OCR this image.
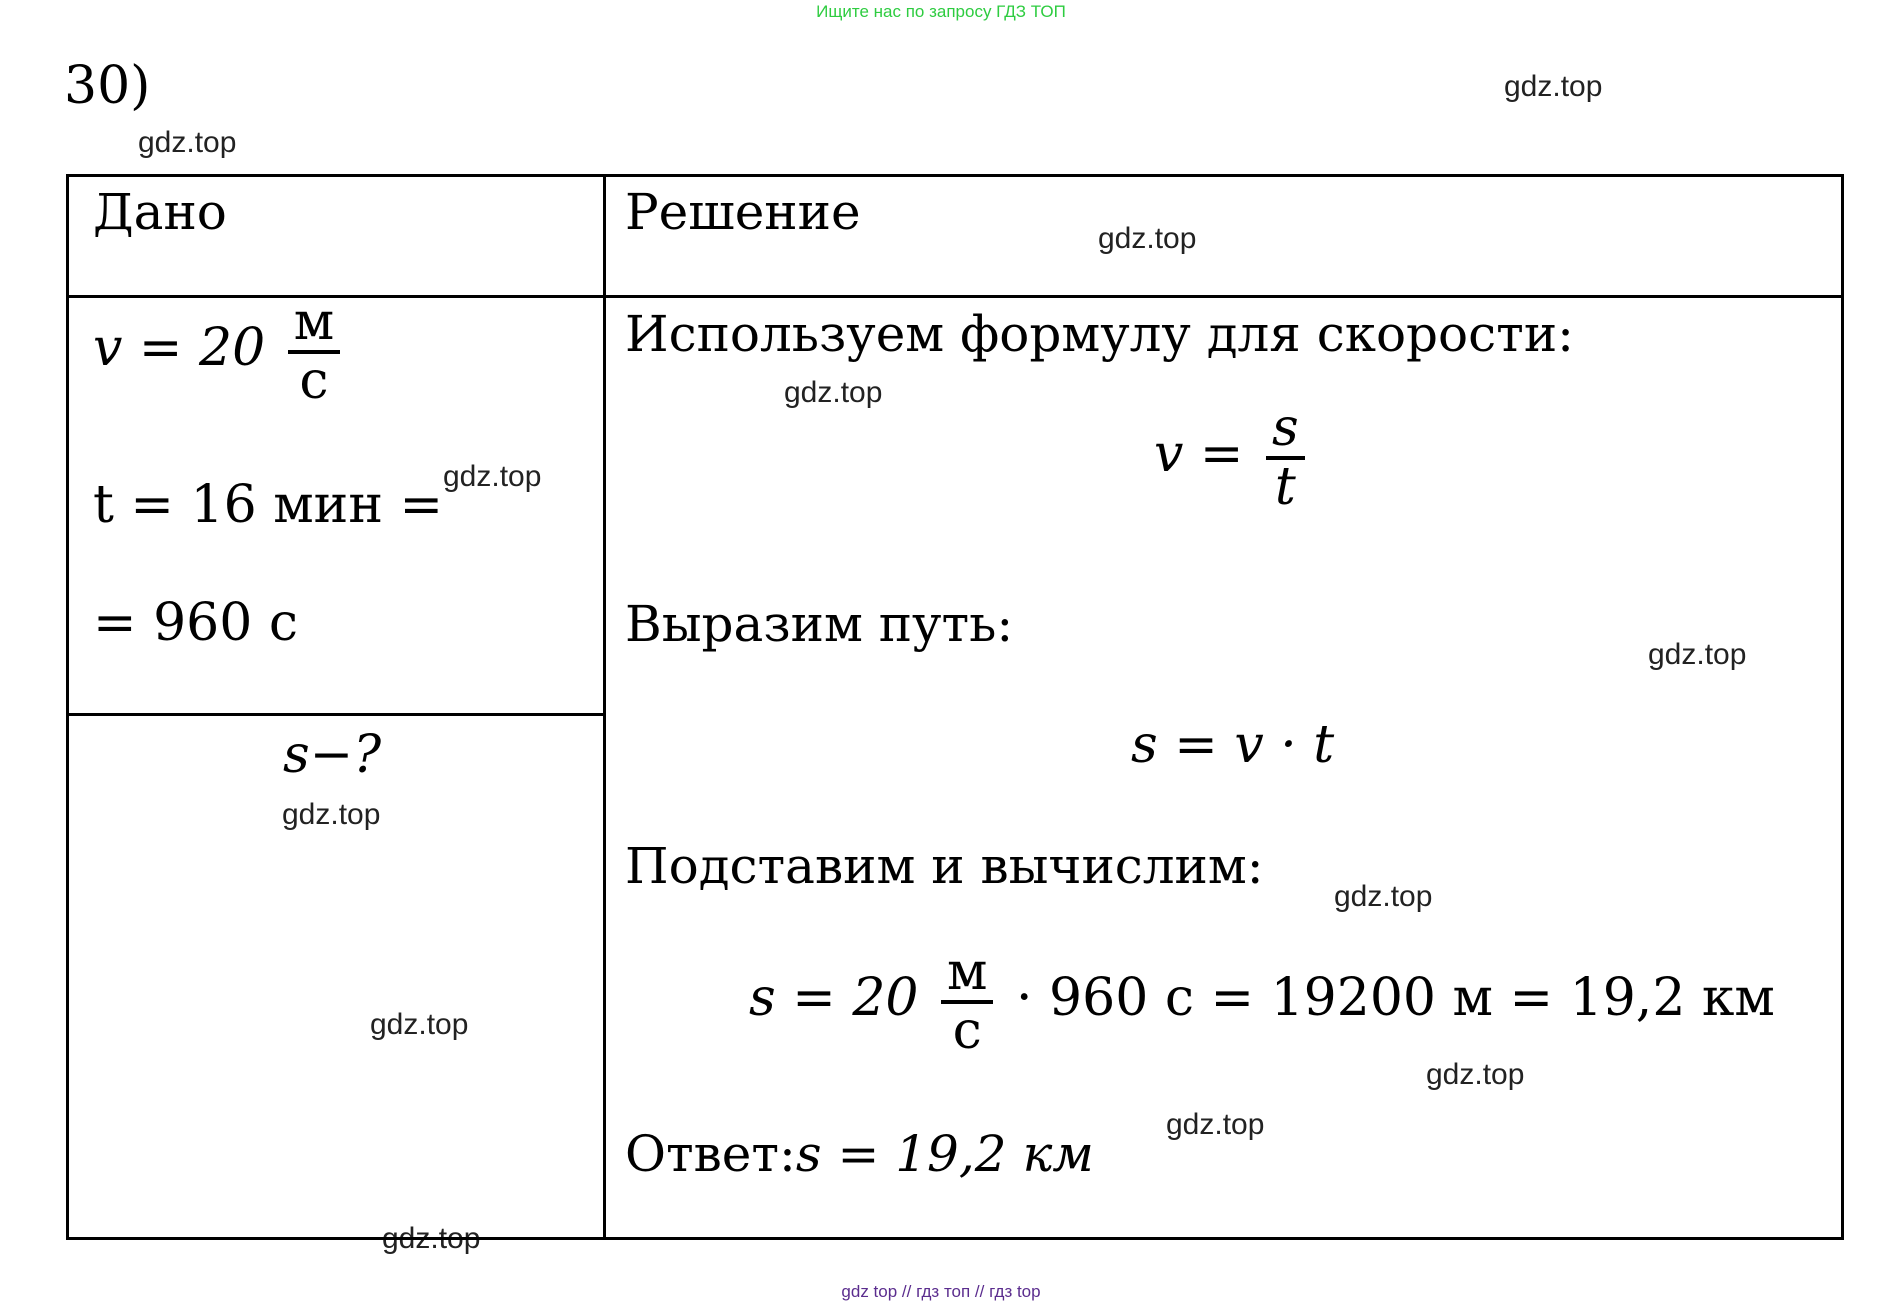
Ищите нас по запросу ГДЗ ТОП
30)	gdz.top
gdz.top
gdz.top
gdz.top
gdz.top
gdz.top
gdz.top
gdz.top
gdz.top
gdz.top
gdz.top
gdz.top
Дано
$v = 20 \frac{м}{с}$
t = 16 мин =
= 960 с
s−?
Решение
Используем формулу для скорости:
$v = \frac{s}{t}$
Выразим путь:
s = v · t
Подставим и вычислим:
$s = 20 \frac{м}{с} \cdot 960$ с = 19200 м = 19,2 км
Ответ:s = 19,2 км
gdz top // гдз топ // гдз top
